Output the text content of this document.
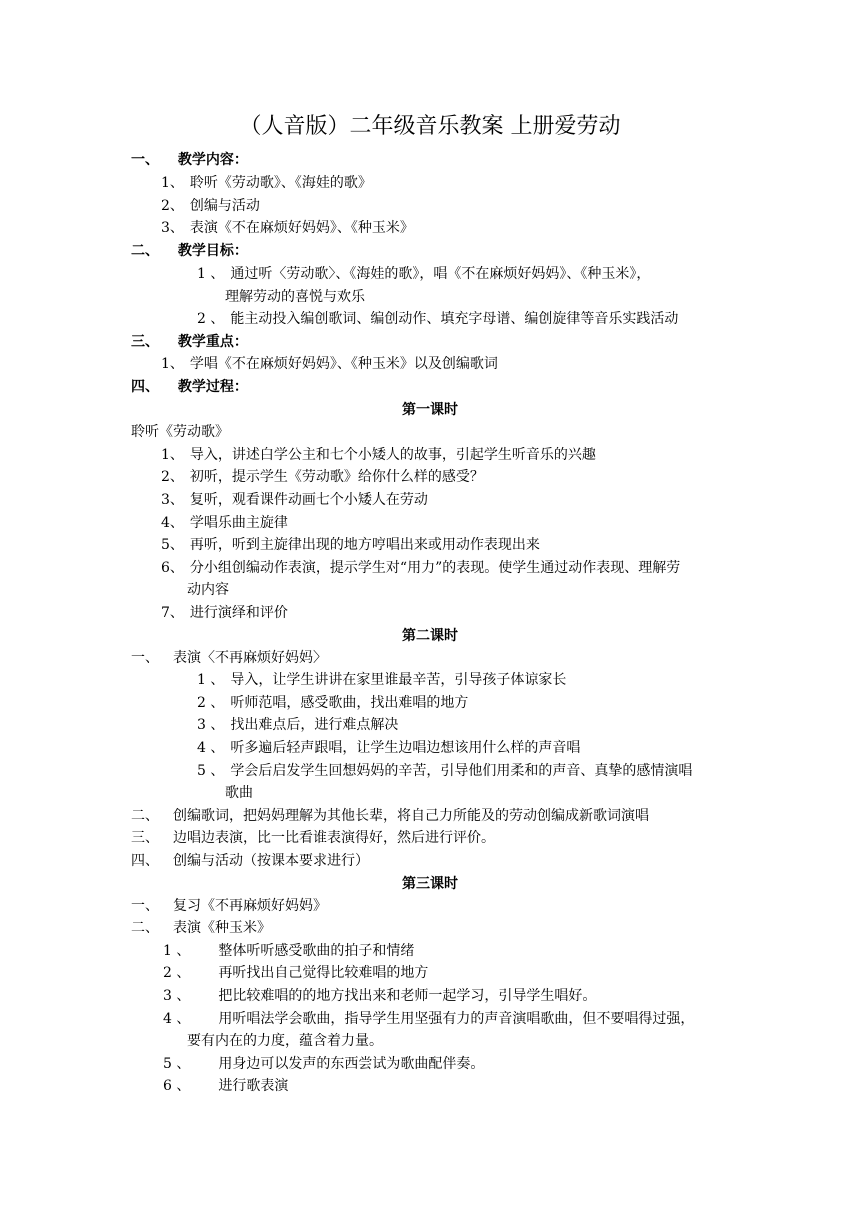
（人音版）二年级音乐教案 上册爱劳动
一、 教学内容：
1、 聆听《劳动歌》、《海娃的歌》
2、 创编与活动
3、 表演《不在麻烦好妈妈》、《种玉米》
二、 教学目标：
1 、 通过听〈劳动歌〉、《海娃的歌》，唱《不在麻烦好妈妈》、《种玉米》，
理解劳动的喜悦与欢乐
2 、 能主动投入编创歌词、编创动作、填充字母谱、编创旋律等音乐实践活动
三、 教学重点：
1、 学唱《不在麻烦好妈妈》、《种玉米》以及创编歌词
四、 教学过程：
第一课时
聆听《劳动歌》
1、 导入，讲述白学公主和七个小矮人的故事，引起学生听音乐的兴趣
2、 初听，提示学生《劳动歌》给你什么样的感受？
3、 复听，观看课件动画七个小矮人在劳动
4、 学唱乐曲主旋律
5、 再听，听到主旋律出现的地方哼唱出来或用动作表现出来
6、 分小组创编动作表演，提示学生对“用力”的表现。使学生通过动作表现、理解劳
动内容
7、 进行演绎和评价
第二课时
一、 表演〈不再麻烦好妈妈〉
1 、 导入，让学生讲讲在家里谁最辛苦，引导孩子体谅家长
2 、 听师范唱，感受歌曲，找出难唱的地方
3 、 找出难点后，进行难点解决
4 、 听多遍后轻声跟唱，让学生边唱边想该用什么样的声音唱
5 、 学会后启发学生回想妈妈的辛苦，引导他们用柔和的声音、真挚的感情演唱
歌曲
二、 创编歌词，把妈妈理解为其他长辈，将自己力所能及的劳动创编成新歌词演唱
三、 边唱边表演，比一比看谁表演得好，然后进行评价。
四、 创编与活动（按课本要求进行）
第三课时
一、 复习《不再麻烦好妈妈》
二、 表演《种玉米》
1 、 整体听听感受歌曲的拍子和情绪
2 、 再听找出自己觉得比较难唱的地方
3 、 把比较难唱的的地方找出来和老师一起学习，引导学生唱好。
4 、 用听唱法学会歌曲，指导学生用坚强有力的声音演唱歌曲，但不要唱得过强，
要有内在的力度，蕴含着力量。
5 、 用身边可以发声的东西尝试为歌曲配伴奏。
6 、 进行歌表演
